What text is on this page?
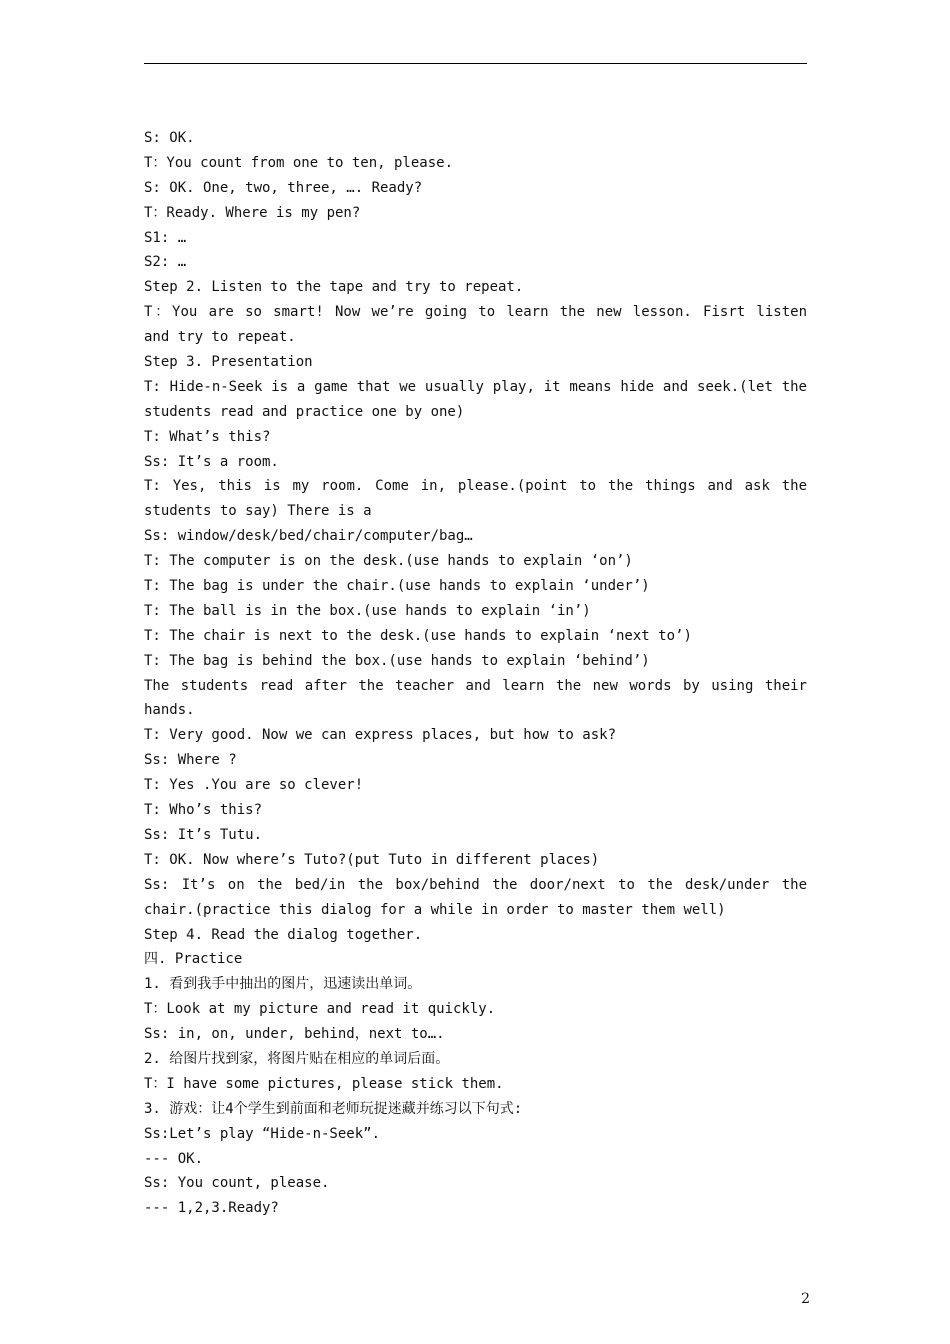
S: OK.
T：You count from one to ten, please.
S: OK. One, two, three, …. Ready?
T：Ready. Where is my pen?
S1: …
S2: …
Step 2. Listen to the tape and try to repeat.
T：You are so smart! Now we’re going to learn the new lesson. Fisrt listen
and try to repeat.
Step 3. Presentation
T: Hide-n-Seek is a game that we usually play, it means hide and seek.(let the
students read and practice one by one)
T: What’s this?
Ss: It’s a room.
T: Yes, this is my room. Come in, please.(point to the things and ask the
students to say) There is a
Ss: window/desk/bed/chair/computer/bag…
T: The computer is on the desk.(use hands to explain ‘on’)
T: The bag is under the chair.(use hands to explain ‘under’)
T: The ball is in the box.(use hands to explain ‘in’)
T: The chair is next to the desk.(use hands to explain ‘next to’)
T: The bag is behind the box.(use hands to explain ‘behind’)
The students read after the teacher and learn the new words by using their
hands.
T: Very good. Now we can express places, but how to ask?
Ss: Where ?
T: Yes .You are so clever!
T: Who’s this?
Ss: It’s Tutu.
T: OK. Now where’s Tuto?(put Tuto in different places)
Ss: It’s on the bed/in the box/behind the door/next to the desk/under the
chair.(practice this dialog for a while in order to master them well)
Step 4. Read the dialog together.
四. Practice
1. 看到我手中抽出的图片，迅速读出单词。
T：Look at my picture and read it quickly.
Ss: in, on, under, behind，next to….
2. 给图片找到家，将图片贴在相应的单词后面。
T：I have some pictures, please stick them.
3. 游戏：让4个学生到前面和老师玩捉迷藏并练习以下句式:
Ss:Let’s play “Hide-n-Seek”.
--- OK.
Ss: You count, please.
--- 1,2,3.Ready?
2
